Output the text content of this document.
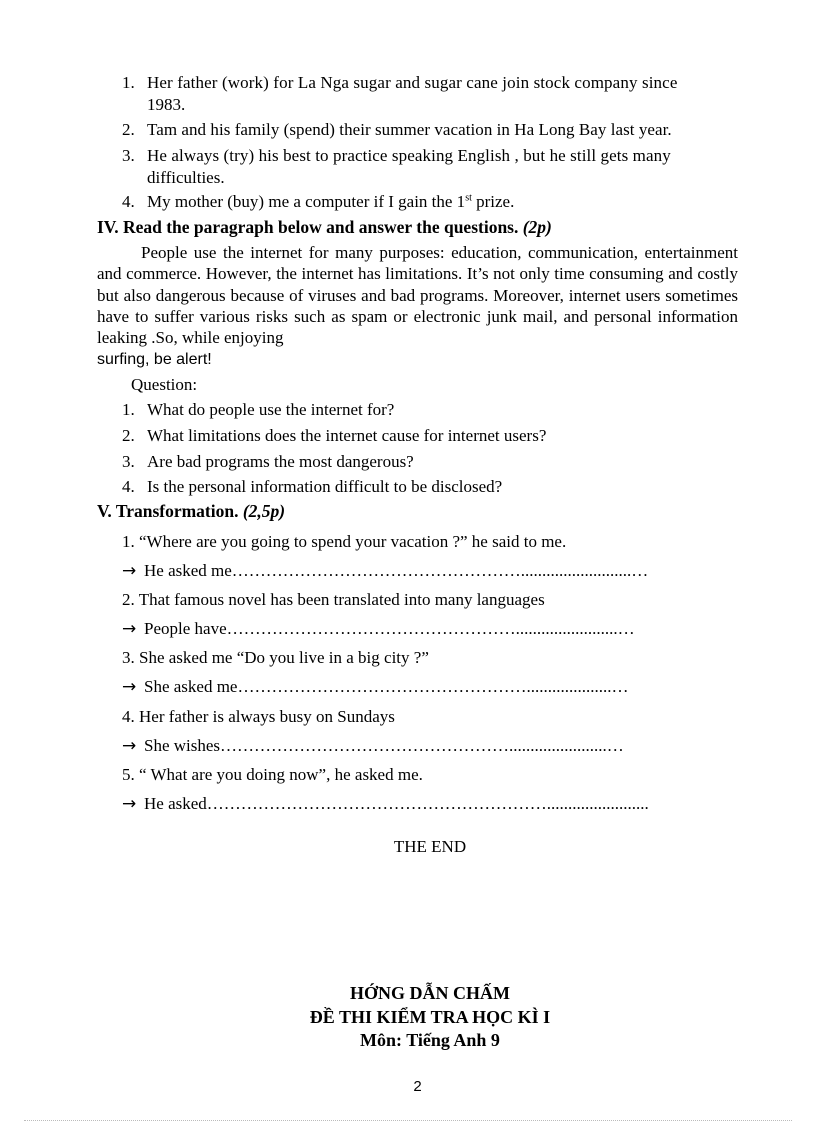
1. Her father (work) for La Nga sugar and sugar cane join stock company since
1983.
2. Tam and his family (spend) their summer vacation in Ha Long Bay last year.
3. He always (try) his best to practice speaking English , but he still gets many
difficulties.
4. My mother (buy) me a computer if I gain the 1st prize.
IV. Read the paragraph below and answer the questions. (2p)
People use the internet for many purposes: education, communication, entertainment and commerce. However, the internet has limitations. It’s not only time consuming and costly but also dangerous because of viruses and bad programs. Moreover, internet users sometimes have to suffer various risks such as spam or electronic junk mail, and personal information leaking .So, while enjoying
surfing, be alert!
Question:
1. What do people use the internet for?
2. What limitations does the internet cause for internet users?
3. Are bad programs the most dangerous?
4. Is the personal information difficult to be disclosed?
V. Transformation. (2,5p)
1. “Where are you going to spend your vacation ?” he said to me.
→ He asked me……………………………………………..........................…
2. That famous novel has been translated into many languages
→ People have……………………………………………........................…
3. She asked me “Do you live in a big city ?”
→ She asked me……………………………………………....................…
4. Her father is always busy on Sundays
→ She wishes…………………………………………….......................…
5. “ What are you doing now”, he asked me.
→ He asked……………………………………………………........................
THE END
HỚNG DẪN CHẤM
ĐỀ THI KIỂM TRA HỌC KÌ I
Môn: Tiếng Anh 9
2
